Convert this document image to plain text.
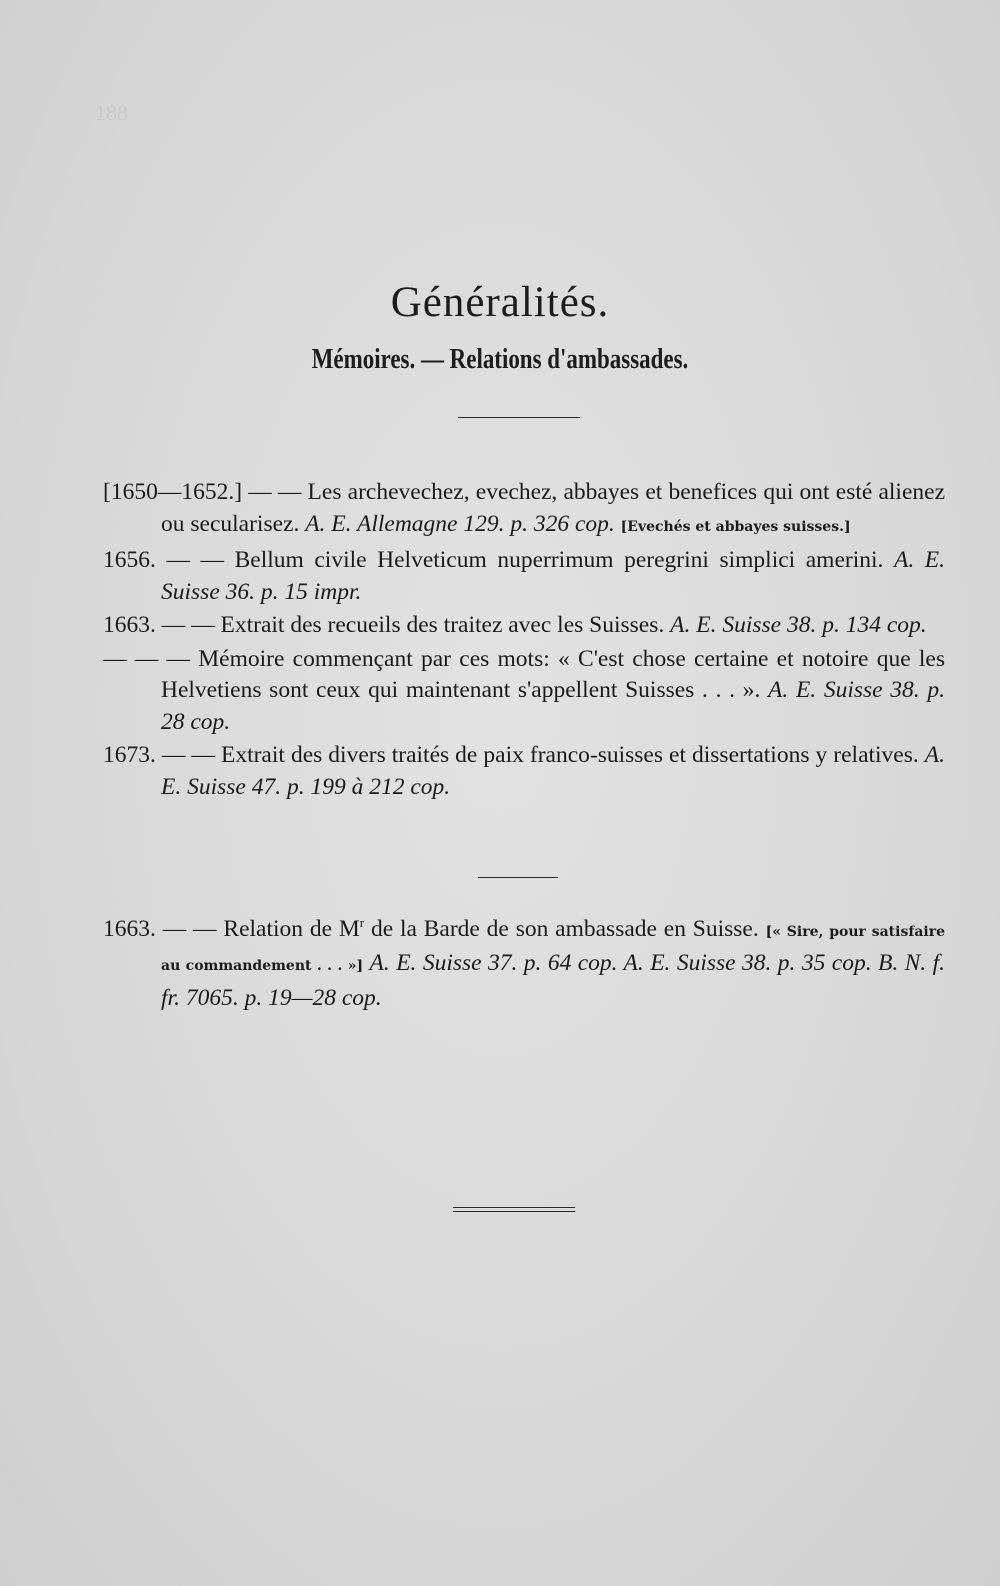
188
Généralités.
Mémoires. — Relations d'ambassades.
[1650—1652.] — — Les archevechez, evechez, abbayes et benefices qui ont esté alienez ou secularisez. A. E. Allemagne 129. p. 326 cop. [Evechés et abbayes suisses.]
1656. — — Bellum civile Helveticum nuperrimum peregrini simplici amerini. A. E. Suisse 36. p. 15 impr.
1663. — — Extrait des recueils des traitez avec les Suisses. A. E. Suisse 38. p. 134 cop.
— — — Mémoire commençant par ces mots: « C'est chose certaine et notoire que les Helvetiens sont ceux qui maintenant s'appellent Suisses . . . ». A. E. Suisse 38. p. 28 cop.
1673. — — Extrait des divers traités de paix franco-suisses et dissertations y relatives. A. E. Suisse 47. p. 199 à 212 cop.
1663. — — Relation de $M^r$ de la Barde de son ambassade en Suisse. [« Sire, pour satisfaire au commandement . . . »] A. E. Suisse 37. p. 64 cop. A. E. Suisse 38. p. 35 cop. B. N. f. fr. 7065. p. 19—28 cop.
